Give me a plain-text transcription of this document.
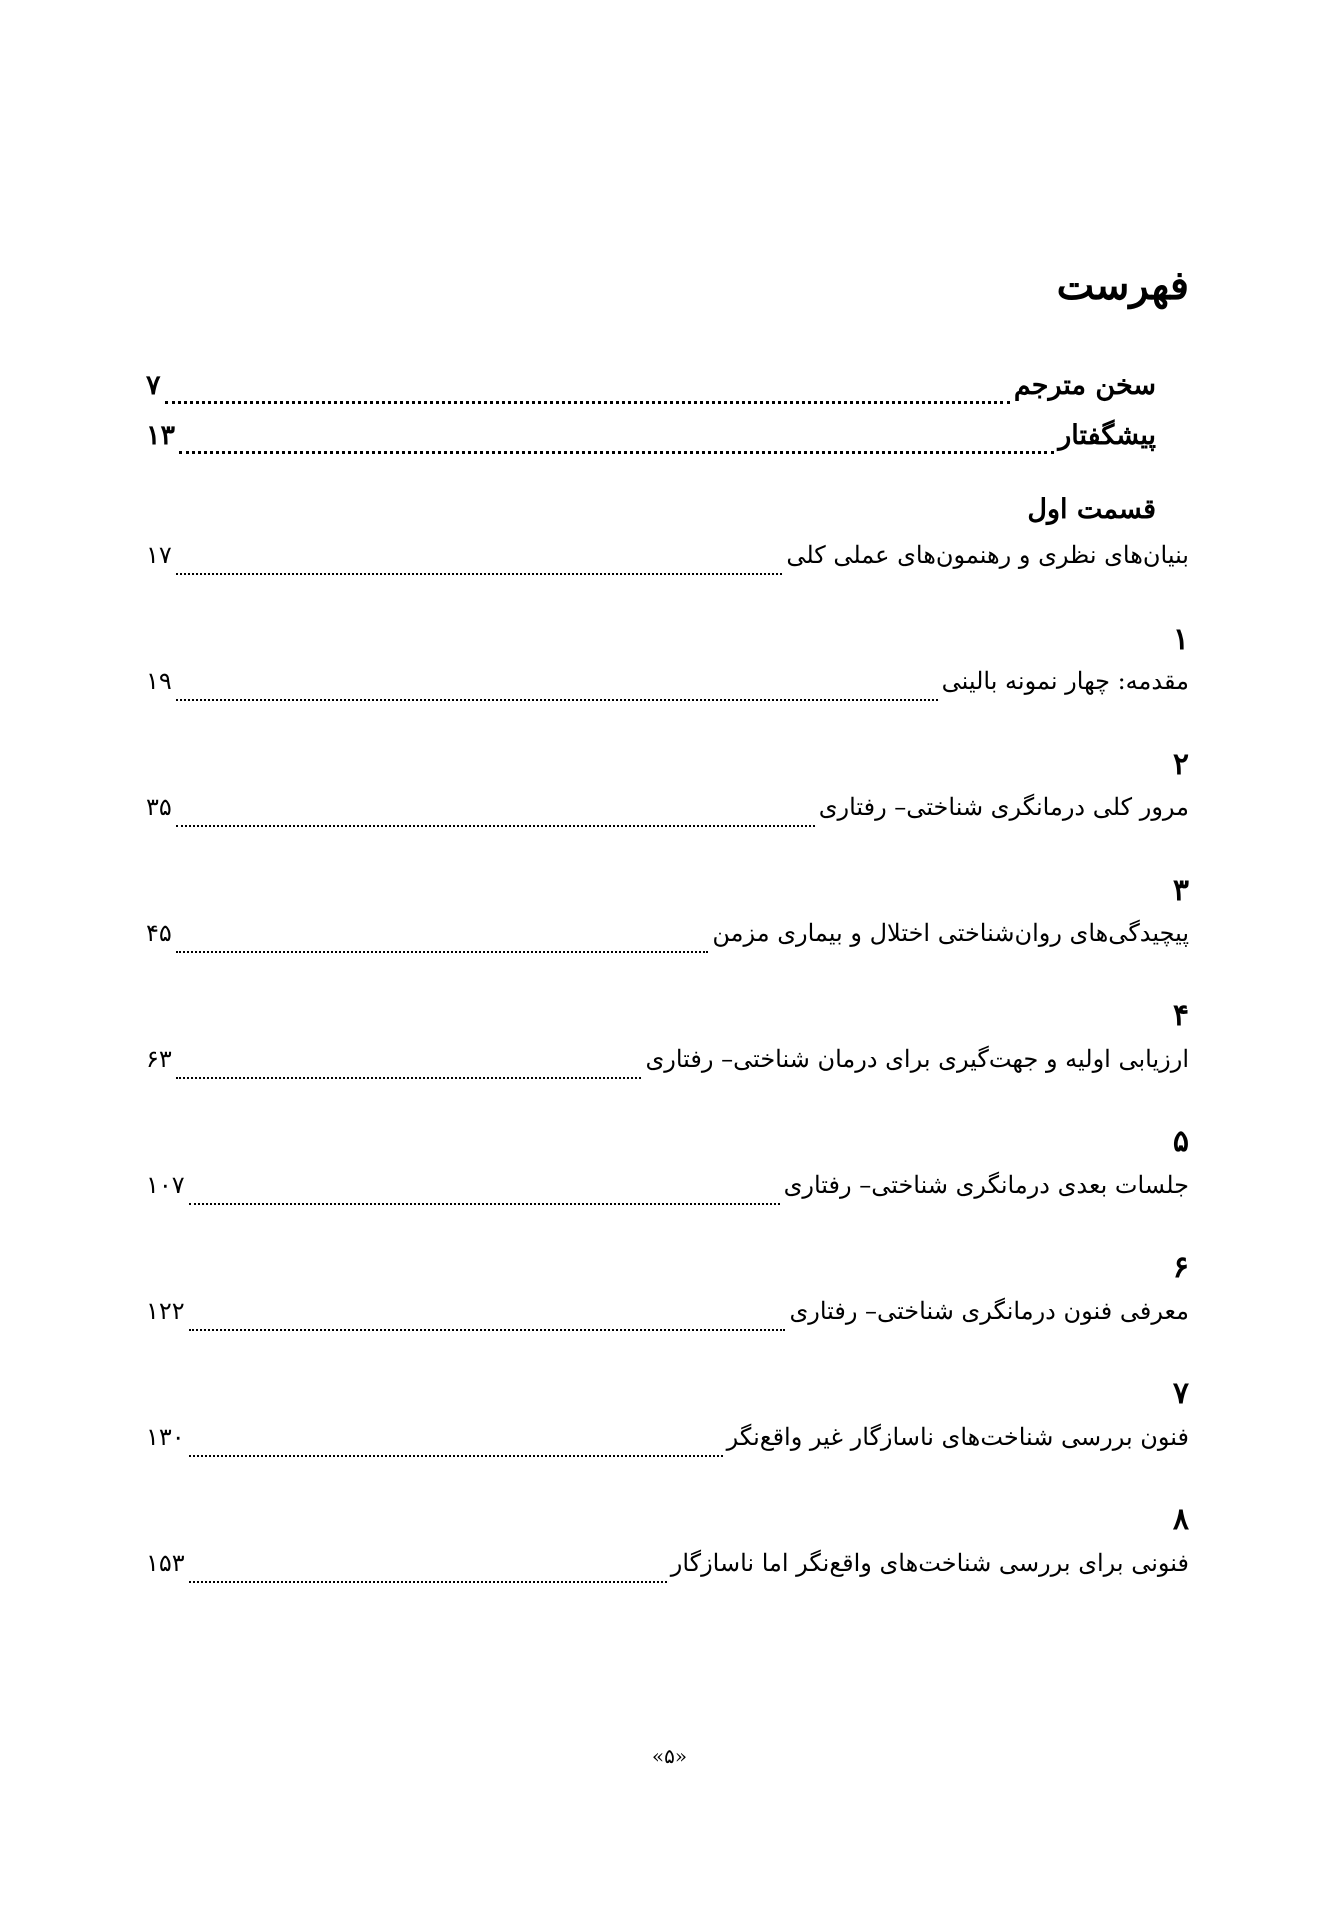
فهرست
سخن مترجم
۷
پیشگفتار
۱۳
قسمت اول
بنیان‌های نظری و رهنمون‌های عملی کلی
۱۷
۱
مقدمه: چهار نمونه بالینی
۱۹
۲
مرور کلی درمانگری شناختی– رفتاری
۳۵
۳
پیچیدگی‌های روان‌شناختی اختلال و بیماری مزمن
۴۵
۴
ارزیابی اولیه و جهت‌گیری برای درمان شناختی– رفتاری
۶۳
۵
جلسات بعدی درمانگری شناختی– رفتاری
۱۰۷
۶
معرفی فنون درمانگری شناختی– رفتاری
۱۲۲
۷
فنون بررسی شناخت‌های ناسازگار غیر واقع‌نگر
۱۳۰
۸
فنونی برای بررسی شناخت‌های واقع‌نگر اما ناسازگار
۱۵۳
«۵»
